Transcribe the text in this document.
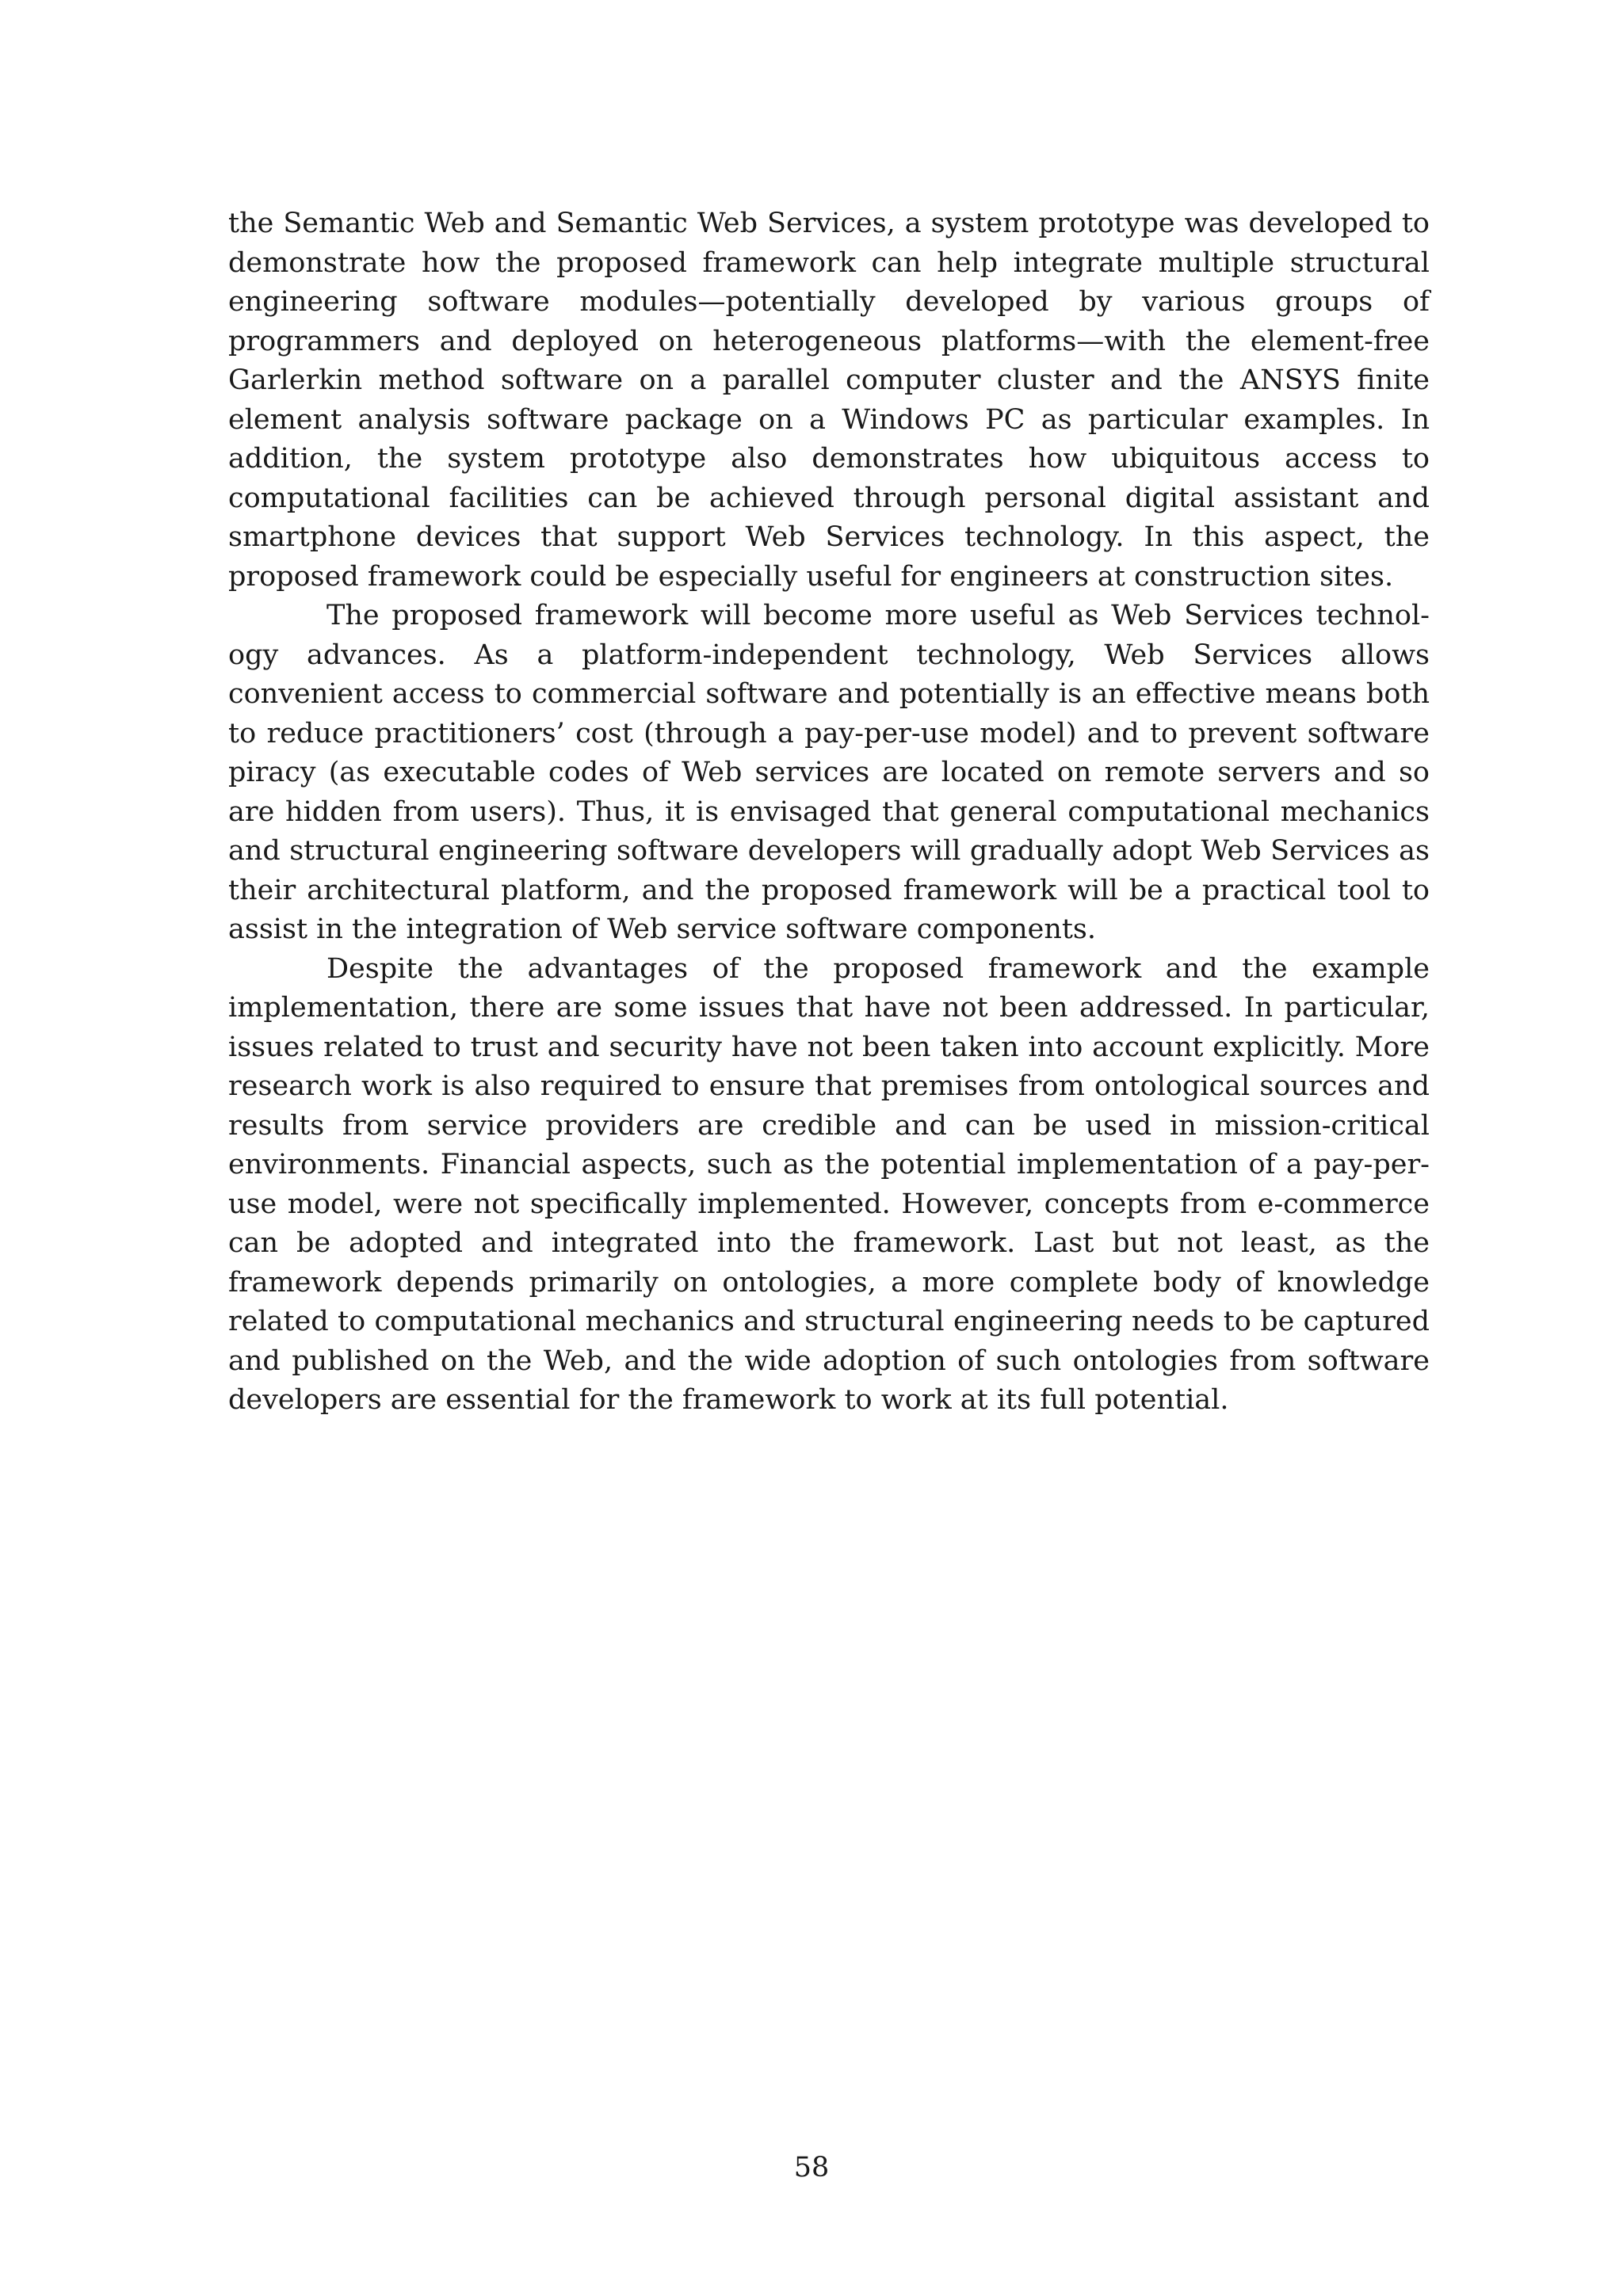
the Semantic Web and Semantic Web Services, a system prototype was developed to demonstrate how the proposed framework can help integrate multiple structural engineering software modules—potentially developed by various groups of programmers and deployed on heterogeneous platforms—with the element-free Garlerkin method software on a parallel computer cluster and the ANSYS finite element analysis software package on a Windows PC as particular examples. In addition, the system prototype also demonstrates how ubiquitous access to computational facilities can be achieved through personal digital assistant and smartphone devices that support Web Services technology. In this aspect, the proposed framework could be especially useful for engineers at construction sites.

The proposed framework will become more useful as Web Services technology advances. As a platform-independent technology, Web Services allows convenient access to commercial software and potentially is an effective means both to reduce practitioners’ cost (through a pay-per-use model) and to prevent software piracy (as executable codes of Web services are located on remote servers and so are hidden from users). Thus, it is envisaged that general computational mechanics and structural engineering software developers will gradually adopt Web Services as their architectural platform, and the proposed framework will be a practical tool to assist in the integration of Web service software components.

Despite the advantages of the proposed framework and the example implementation, there are some issues that have not been addressed. In particular, issues related to trust and security have not been taken into account explicitly. More research work is also required to ensure that premises from ontological sources and results from service providers are credible and can be used in mission-critical environments. Financial aspects, such as the potential implementation of a pay-per-use model, were not specifically implemented. However, concepts from e-commerce can be adopted and integrated into the framework. Last but not least, as the framework depends primarily on ontologies, a more complete body of knowledge related to computational mechanics and structural engineering needs to be captured and published on the Web, and the wide adoption of such ontologies from software developers are essential for the framework to work at its full potential.

58
